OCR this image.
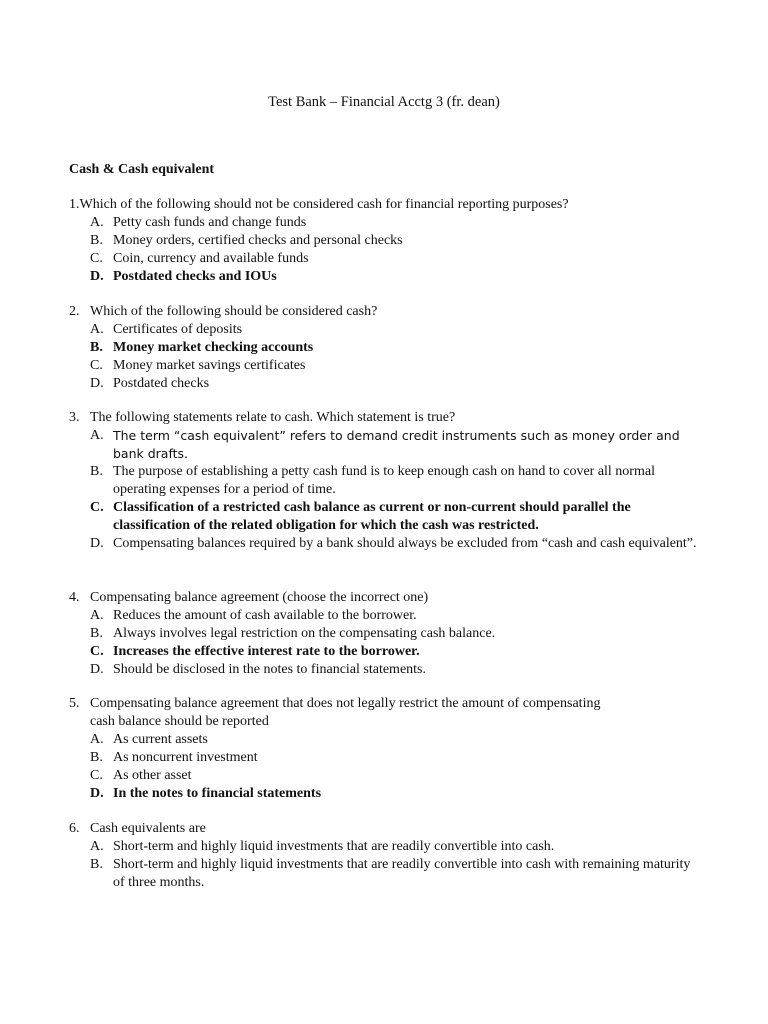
Test Bank – Financial Acctg 3 (fr. dean)
Cash & Cash equivalent
1.Which of the following should not be considered cash for financial reporting purposes?
A. Petty cash funds and change funds
B. Money orders, certified checks and personal checks
C. Coin, currency and available funds
D. Postdated checks and IOUs
2. Which of the following should be considered cash?
A. Certificates of deposits
B. Money market checking accounts
C. Money market savings certificates
D. Postdated checks
3. The following statements relate to cash. Which statement is true?
A. The term “cash equivalent” refers to demand credit instruments such as money order and bank drafts.
B. The purpose of establishing a petty cash fund is to keep enough cash on hand to cover all normal operating expenses for a period of time.
C. Classification of a restricted cash balance as current or non-current should parallel the classification of the related obligation for which the cash was restricted.
D. Compensating balances required by a bank should always be excluded from “cash and cash equivalent”.
4. Compensating balance agreement (choose the incorrect one)
A. Reduces the amount of cash available to the borrower.
B. Always involves legal restriction on the compensating cash balance.
C. Increases the effective interest rate to the borrower.
D. Should be disclosed in the notes to financial statements.
5. Compensating balance agreement that does not legally restrict the amount of compensating
cash balance should be reported
A. As current assets
B. As noncurrent investment
C. As other asset
D. In the notes to financial statements
6. Cash equivalents are
A. Short-term and highly liquid investments that are readily convertible into cash.
B. Short-term and highly liquid investments that are readily convertible into cash with remaining maturity of three months.
